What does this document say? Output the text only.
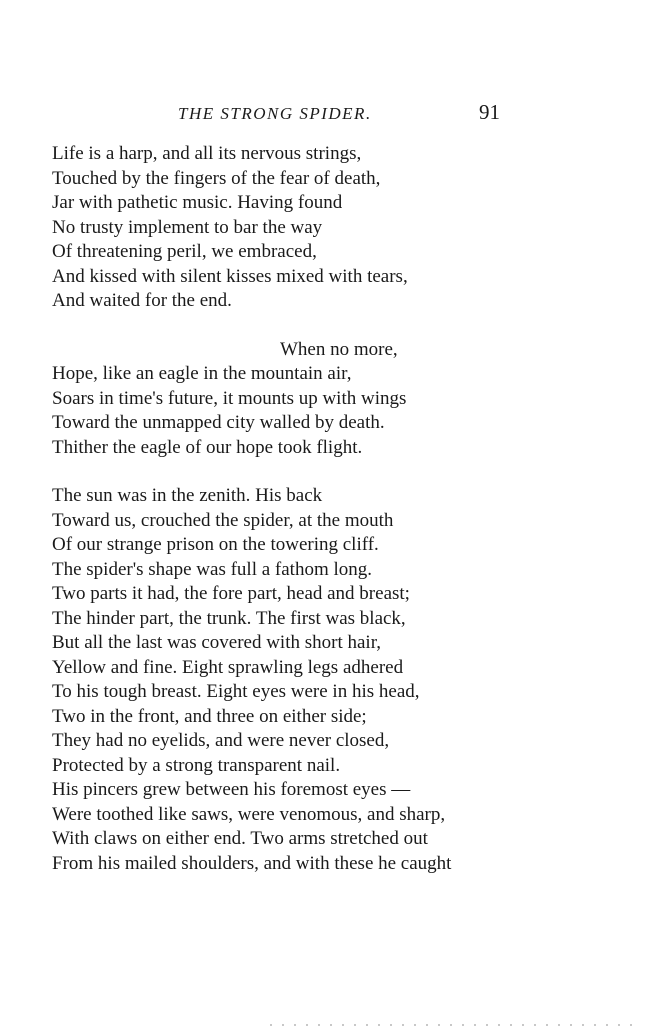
THE STRONG SPIDER.	91
Life is a harp, and all its nervous strings,
Touched by the fingers of the fear of death,
Jar with pathetic music. Having found
No trusty implement to bar the way
Of threatening peril, we embraced,
And kissed with silent kisses mixed with tears,
And waited for the end.
When no more,
Hope, like an eagle in the mountain air,
Soars in time's future, it mounts up with wings
Toward the unmapped city walled by death.
Thither the eagle of our hope took flight.
The sun was in the zenith. His back
Toward us, crouched the spider, at the mouth
Of our strange prison on the towering cliff.
The spider's shape was full a fathom long.
Two parts it had, the fore part, head and breast;
The hinder part, the trunk. The first was black,
But all the last was covered with short hair,
Yellow and fine. Eight sprawling legs adhered
To his tough breast. Eight eyes were in his head,
Two in the front, and three on either side;
They had no eyelids, and were never closed,
Protected by a strong transparent nail.
His pincers grew between his foremost eyes —
Were toothed like saws, were venomous, and sharp,
With claws on either end. Two arms stretched out
From his mailed shoulders, and with these he caught
